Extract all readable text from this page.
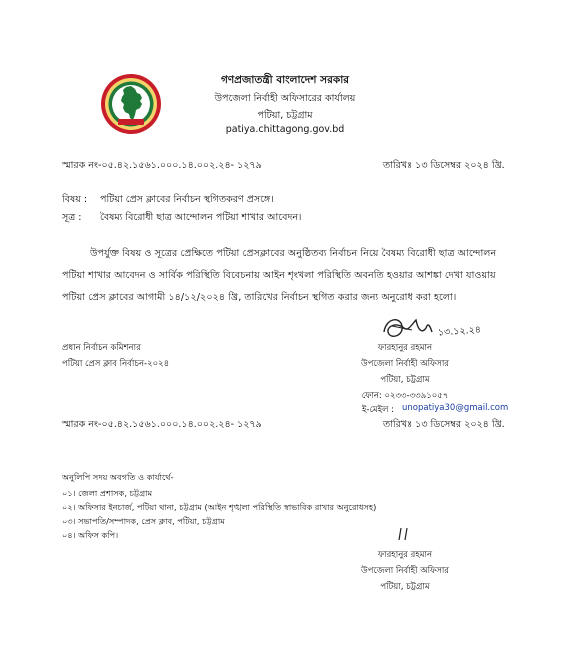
গণপ্রজাতন্ত্রী বাংলাদেশ সরকার
উপজেলা নির্বাহী অফিসারের কার্যালয়
পটিয়া, চট্টগ্রাম
patiya.chittagong.gov.bd
স্মারক নং-০৫.৪২.১৫৬১.০০০.১৪.০০২.২৪- ১২৭৯	তারিখঃ ১৩ ডিসেম্বর ২০২৪ খ্রি.
বিষয় : পটিয়া প্রেস ক্লাবের নির্বাচন স্থগিতকরণ প্রসঙ্গে।
সূত্র : বৈষম্য বিরোধী ছাত্র আন্দোলন পটিয়া শাখার আবেদন।
উপর্যুক্ত বিষয় ও সূত্রের প্রেক্ষিতে পটিয়া প্রেসক্লাবের অনুষ্ঠিতব্য নির্বাচন নিয়ে বৈষম্য বিরোধী ছাত্র আন্দোলন
পটিয়া শাখার আবেদন ও সার্বিক পরিস্থিতি বিবেচনায় আইন শৃংখলা পরিস্থিতি অবনতি হওয়ার আশঙ্কা দেখা যাওয়ায়
পটিয়া প্রেস ক্লাবের আগামী ১৪/১২/২০২৪ খ্রি, তারিখের নির্বাচন স্থগিত করার জন্য অনুরোধ করা হলো।
প্রধান নির্বাচন কমিশনার
পটিয়া প্রেস ক্লাব নির্বাচন-২০২৪
১৩.১২.২৪
ফারহানুর রহমান
উপজেলা নির্বাহী অফিসার
পটিয়া, চট্টগ্রাম
ফোন: ০২৩৩-৩৩৯১০৫৭
ই-মেইল : unopatiya30@gmail.com
স্মারক নং-০৫.৪২.১৫৬১.০০০.১৪.০০২.২৪- ১২৭৯	তারিখঃ ১৩ ডিসেম্বর ২০২৪ খ্রি.
অনুলিপি সদয় অবগতি ও কার্যার্থে-
০১। জেলা প্রশাসক, চট্টগ্রাম
০২। অফিসার ইনচার্জ, পটিয়া থানা, চট্টগ্রাম (আইন শৃঙ্খলা পরিস্থিতি স্বাভাবিক রাখার অনুরোধসহ)
০৩। সভাপতি/সম্পাদক, প্রেস ক্লাব, পটিয়া, চট্টগ্রাম
০৪। অফিস কপি।
ফারহানুর রহমান
উপজেলা নির্বাহী অফিসার
পটিয়া, চট্টগ্রাম
